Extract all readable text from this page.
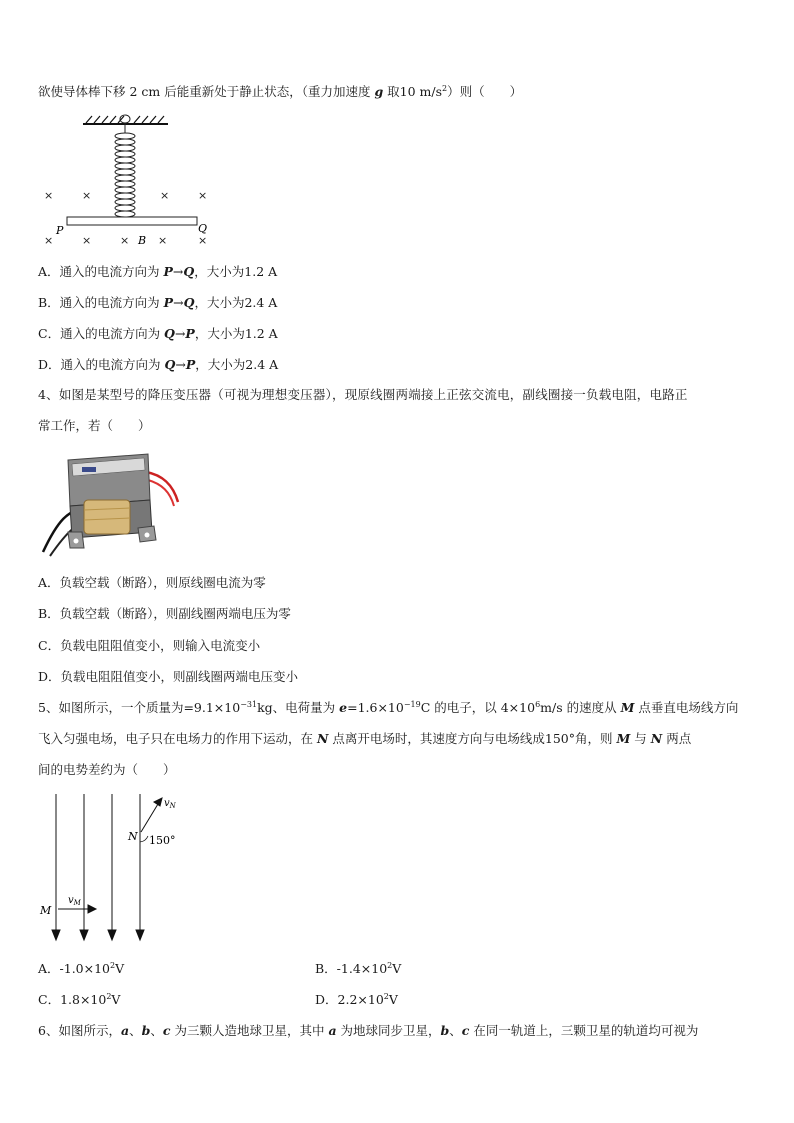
欲使导体棒下移 2 cm 后能重新处于静止状态，（重力加速度 g 取10 $m/s^2$）则（　　）
×	×	×	×
×	×	×	×	×
P	Q
B
A．通入的电流方向为 P→Q，大小为1.2 A
B．通入的电流方向为 P→Q，大小为2.4 A
C．通入的电流方向为 Q→P，大小为1.2 A
D．通入的电流方向为 Q→P，大小为2.4 A
4、如图是某型号的降压变压器（可视为理想变压器），现原线圈两端接上正弦交流电，副线圈接一负载电阻，电路正
常工作，若（　　）
A．负载空载（断路），则原线圈电流为零
B．负载空载（断路），则副线圈两端电压为零
C．负载电阻阻值变小，则输入电流变小
D．负载电阻阻值变小，则副线圈两端电压变小
5、如图所示，一个质量为$=9.1\times 10^{-31}kg$、电荷量为 $e=1.6\times 10^{-19}C$ 的电子，以 $4\times 10^6m/s$ 的速度从 M 点垂直电场线方向
飞入匀强电场，电子只在电场力的作用下运动，在 N 点离开电场时，其速度方向与电场线成150°角，则 M 与 N 两点
间的电势差约为（　　）
M
$v_M$
N
$v_N$
150°
A．$-1.0\times 10^2V$	B．$-1.4\times 10^2V$
C．$1.8\times 10^2V$	D．$2.2\times 10^2V$
6、如图所示，a、b、c 为三颗人造地球卫星，其中 a 为地球同步卫星，b、c 在同一轨道上，三颗卫星的轨道均可视为
